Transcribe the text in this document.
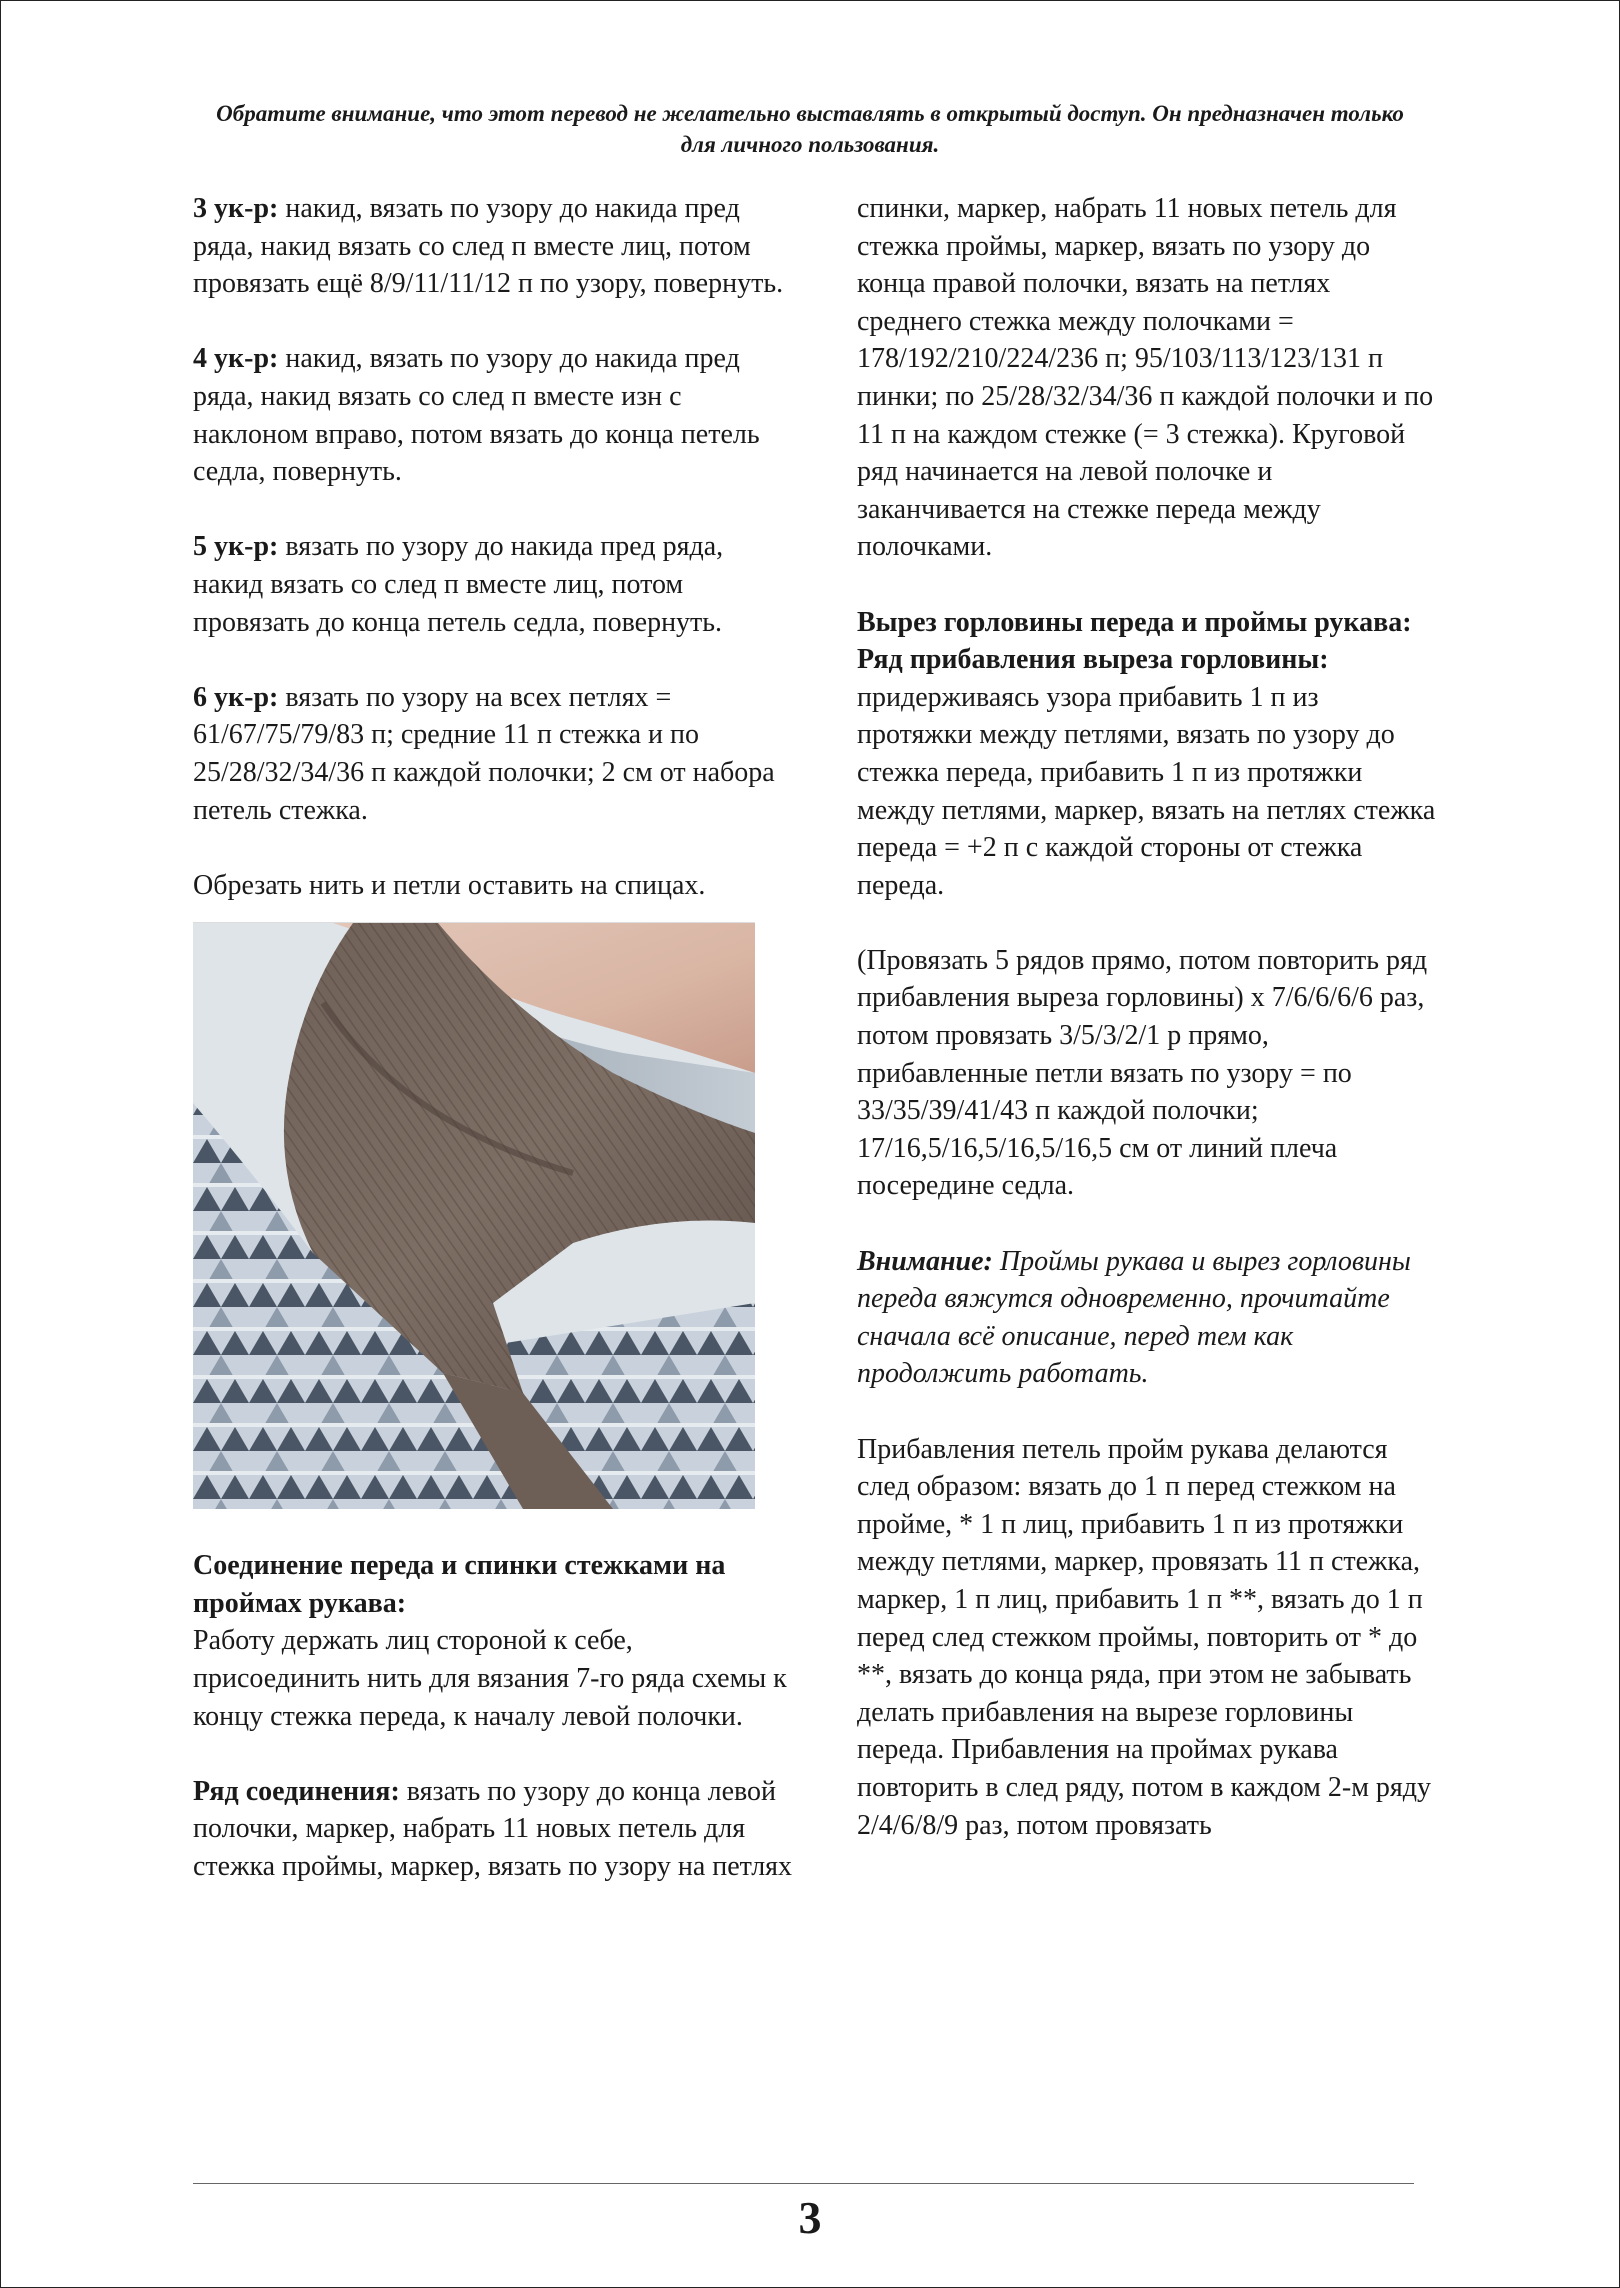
Обратите внимание, что этот перевод не желательно выставлять в открытый доступ. Он предназначен только для личного пользования.

3 ук-р: накид, вязать по узору до накида пред ряда, накид вязать со след п вместе лиц, потом провязать ещё 8/9/11/11/12 п по узору, повернуть.

4 ук-р: накид, вязать по узору до накида пред ряда, накид вязать со след п вместе изн с наклоном вправо, потом вязать до конца петель седла, повернуть.

5 ук-р: вязать по узору до накида пред ряда, накид вязать со след п вместе лиц, потом провязать до конца петель седла, повернуть.

6 ук-р: вязать по узору на всех петлях = 61/67/75/79/83 п; средние 11 п стежка и по 25/28/32/34/36 п каждой полочки; 2 см от набора петель стежка.

Обрезать нить и петли оставить на спицах.

Соединение переда и спинки стежками на проймах рукава:

Работу держать лиц стороной к себе, присоединить нить для вязания 7-го ряда схемы к концу стежка переда, к началу левой полочки.

Ряд соединения: вязать по узору до конца левой полочки, маркер, набрать 11 новых петель для стежка проймы, маркер, вязать по узору на петлях

спинки, маркер, набрать 11 новых петель для стежка проймы, маркер, вязать по узору до конца правой полочки, вязать на петлях среднего стежка между полочками = 178/192/210/224/236 п; 95/103/113/123/131 п пинки; по 25/28/32/34/36 п каждой полочки и по 11 п на каждом стежке (= 3 стежка). Круговой ряд начинается на левой полочке и заканчивается на стежке переда между полочками.

Вырез горловины переда и проймы рукава:

Ряд прибавления выреза горловины:

придерживаясь узора прибавить 1 п из протяжки между петлями, вязать по узору до стежка переда, прибавить 1 п из протяжки между петлями, маркер, вязать на петлях стежка переда = +2 п с каждой стороны от стежка переда.

(Провязать 5 рядов прямо, потом повторить ряд прибавления выреза горловины) x 7/6/6/6/6 раз, потом провязать 3/5/3/2/1 р прямо, прибавленные петли вязать по узору = по 33/35/39/41/43 п каждой полочки; 17/16,5/16,5/16,5/16,5 см от линий плеча посередине седла.

Внимание: Проймы рукава и вырез горловины переда вяжутся одновременно, прочитайте сначала всё описание, перед тем как продолжить работать.

Прибавления петель пройм рукава делаются след образом: вязать до 1 п перед стежком на пройме, * 1 п лиц, прибавить 1 п из протяжки между петлями, маркер, провязать 11 п стежка, маркер, 1 п лиц, прибавить 1 п **, вязать до 1 п перед след стежком проймы, повторить от * до **, вязать до конца ряда, при этом не забывать делать прибавления на вырезе горловины переда. Прибавления на проймах рукава повторить в след ряду, потом в каждом 2-м ряду 2/4/6/8/9 раз, потом провязать

3
